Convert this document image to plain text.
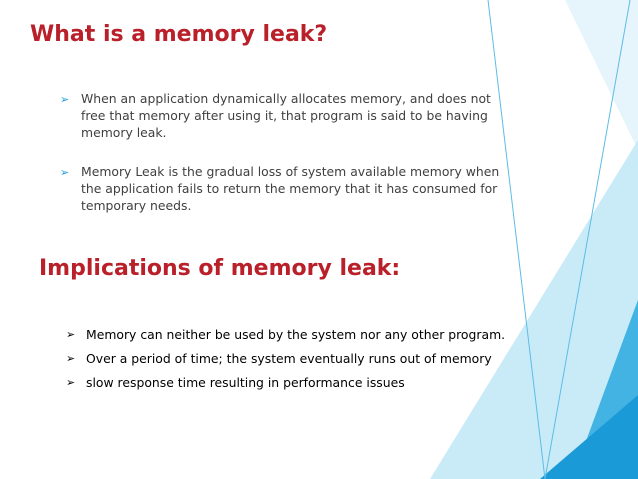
What is a memory leak?
➢ When an application dynamically allocates memory, and does not free that memory after using it, that program is said to be having memory leak.
➢ Memory Leak is the gradual loss of system available memory when the application fails to return the memory that it has consumed for temporary needs.
Implications of memory leak:
➢ Memory can neither be used by the system nor any other program.
➢ Over a period of time; the system eventually runs out of memory
➢ slow response time resulting in performance issues
